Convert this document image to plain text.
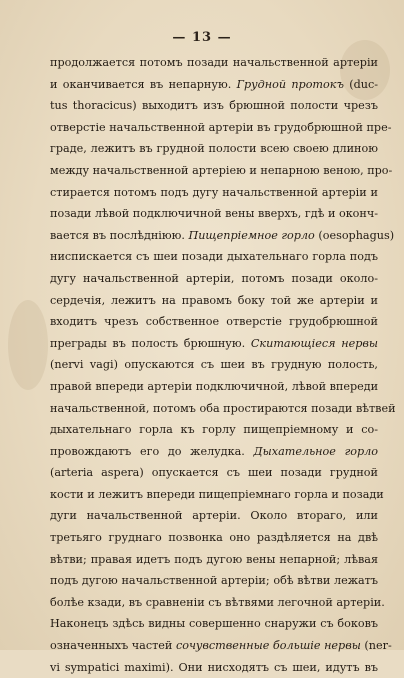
— 13 —
продолжается потомъ позади начальственной артеріи
и оканчивается въ непарную. Грудной протокъ (duc-
tus thoracicus) выходитъ изъ брюшной полости чрезъ
отверстіе начальственной артеріи въ грудобрюшной пре-
граде, лежитъ въ грудной полости всею своею длиною
между начальственной артеріею и непарною веною, про-
стирается потомъ подъ дугу начальственной артеріи и
позади лѣвой подключичной вены вверхъ, гдѣ и оконч-
вается въ послѣдніюю. Пищепріемное горло (oesophagus)
ниспискается съ шеи позади дыхательнаго горла подъ
дугу начальственной артеріи, потомъ позади около-
сердечія, лежитъ на правомъ боку той же артеріи и
входитъ чрезъ собственное отверстіе грудобрюшной
преграды въ полость брюшную. Скитающіеся нервы
(nervi vagi) опускаются съ шеи въ грудную полость,
правой впереди артеріи подключичной, лѣвой впереди
начальственной, потомъ оба простираются позади вѣтвей
дыхательнаго горла къ горлу пищепріемному и со-
провождаютъ его до желудка. Дыхательное горло
(arteria aspera) опускается съ шеи позади грудной
кости и лежитъ впереди пищепріемнаго горла и позади
дуги начальственной артеріи. Около втораго, или
третьяго груднаго позвонка оно раздѣляется на двѣ
вѣтви; правая идетъ подъ дугою вены непарной; лѣвая
подъ дугою начальственной артеріи; обѣ вѣтви лежатъ
болѣе кзади, въ сравненіи съ вѣтвями легочной артеріи.
Наконецъ здѣсь видны совершенно снаружи съ боковъ
означенныхъ частей сочувственные большіе нервы (ner-
vi sympatici maximi). Они нисходятъ съ шеи, идутъ въ
